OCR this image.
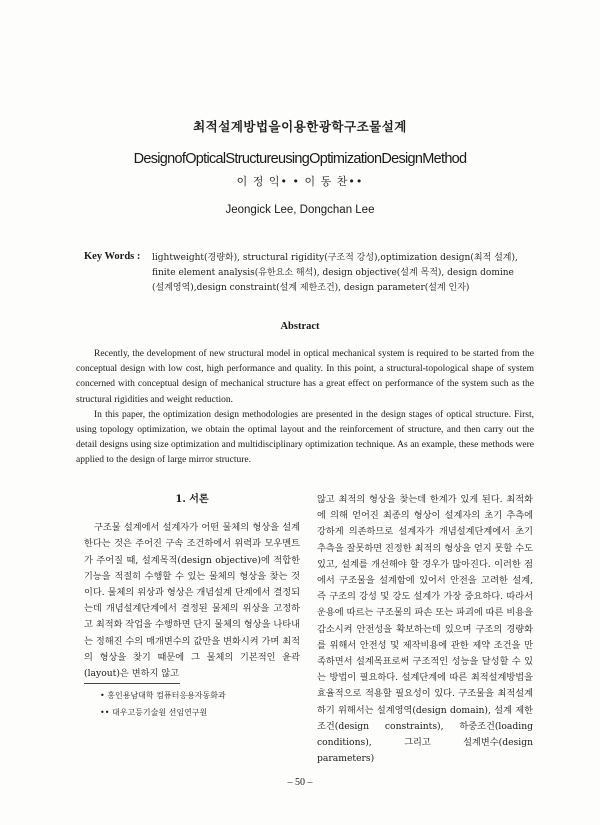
최적설계방법을이용한광학구조물설계
DesignofOpticalStructureusingOptimizationDesignMethod
이 정 익• • 이 동 찬••
Jeongick Lee, Dongchan Lee
Key Words : lightweight(경량화), structural rigidity(구조적 강성),optimization design(최적 설계),
finite element analysis(유한요소 해석), design objective(설계 목적), design domine
(설계영역),design constraint(설계 제한조건), design parameter(설계 인자)
Abstract

Recently, the development of new structural model in optical mechanical system is required to be started from the conceptual design with low cost, high performance and quality. In this point, a structural-topological shape of system concerned with conceptual design of mechanical structure has a great effect on performance of the system such as the structural rigidities and weight reduction.

In this paper, the optimization design methodologies are presented in the design stages of optical structure. First, using topology optimization, we obtain the optimal layout and the reinforcement of structure, and then carry out the detail designs using size optimization and multidisciplinary optimization technique. As an example, these methods were applied to the design of large mirror structure.

1. 서론

구조물 설계에서 설계자가 어떤 물체의 형상을 설계한다는 것은 주어진 구속 조건하에서 위력과 모우멘트가 주어질 때, 설계목적(design objective)에 적합한 기능을 적절히 수행할 수 있는 물체의 형상을 찾는 것이다. 물체의 위상과 형상은 개념설계 단계에서 결정되는데 개념설계단계에서 결정된 물체의 위상을 고정하고 최적화 작업을 수행하면 단지 물체의 형상을 나타내는 정해진 수의 매개변수의 값만을 변화시켜 가며 최적의 형상을 찾기 때문에 그 물체의 기본적인 윤곽(layout)은 변하지 않고

않고 최적의 형상을 찾는데 한계가 있게 된다. 최적화에 의해 얻어진 최종의 형상이 설계자의 초기 추측에 강하게 의존하므로 설계자가 개념설계단계에서 초기 추측을 잘못하면 진정한 최적의 형상을 얻지 못할 수도 있고, 설계를 개선해야 할 경우가 많아진다. 이러한 점에서 구조물을 설계함에 있어서 안전을 고려한 설계, 즉 구조의 강성 및 강도 설계가 가장 중요하다. 따라서 운용에 따르는 구조물의 파손 또는 파괴에 따른 비용을 감소시켜 안전성을 확보하는데 있으며 구조의 경량화를 위해서 안전성 및 제작비용에 관한 제약 조건을 만족하면서 설계목표로써 구조적인 성능을 달성할 수 있는 방법이 필요하다. 설계단계에 따른 최적설계방법을 효율적으로 적용할 필요성이 있다. 구조물을 최적설계하기 위해서는 설계영역(design domain), 설계 제한조건(design constraints), 하중조건(loading conditions), 그리고 설계변수(design parameters)

• 홍인용남대학 컴퓨터응용자동화과
•• 대우고등기술원 선임연구원
– 50 –
